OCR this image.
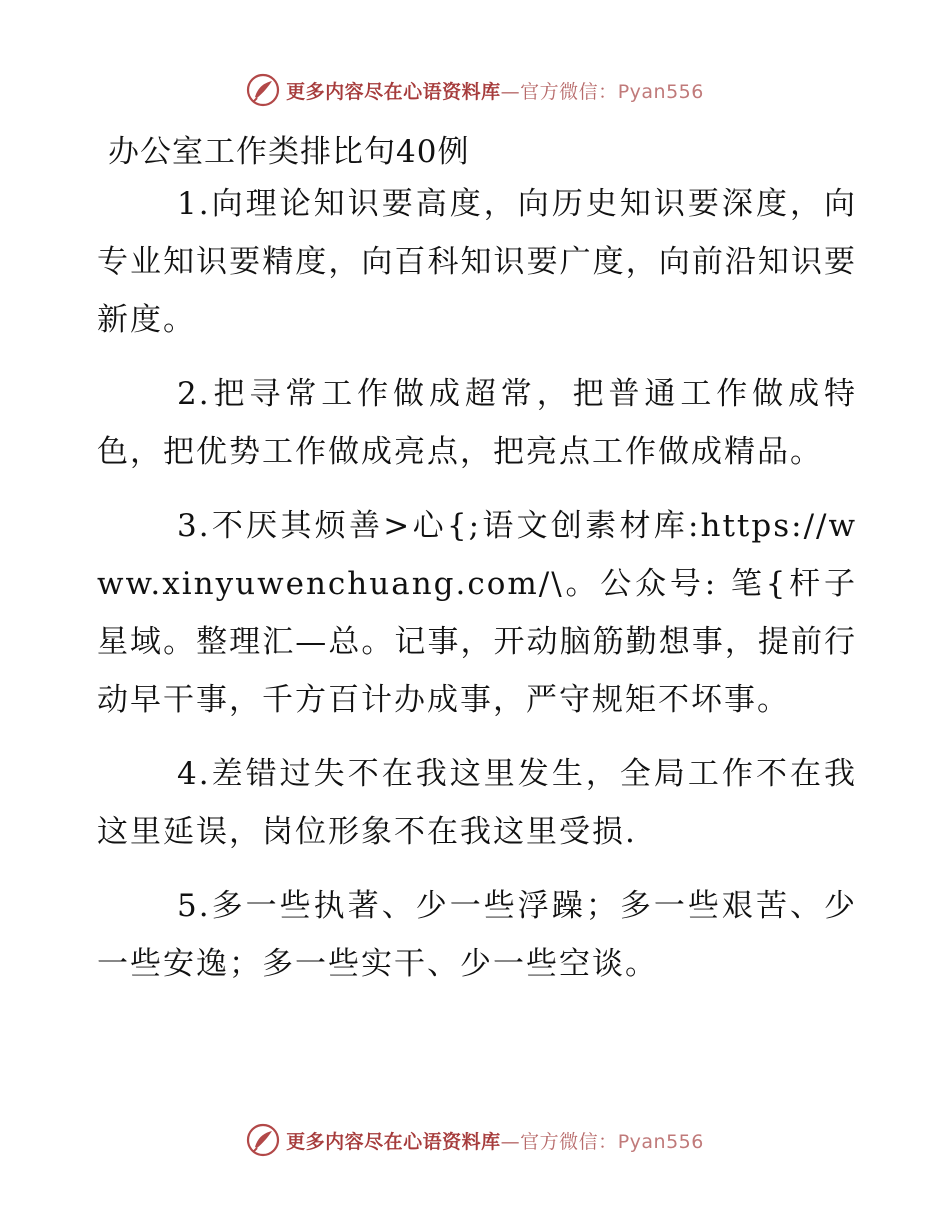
更多内容尽在心语资料库—官方微信：Pyan556
办公室工作类排比句40例

1.向理论知识要高度，向历史知识要深度，向专业知识要精度，向百科知识要广度，向前沿知识要新度。

2.把寻常工作做成超常，把普通工作做成特色，把优势工作做成亮点，把亮点工作做成精品。

3.不厌其烦善>心{;语文创素材库:https://www.xinyuwenchuang.com/\。公众号: 笔{杆子星域。整理汇—总。记事，开动脑筋勤想事，提前行动早干事，千方百计办成事，严守规矩不坏事。

4.差错过失不在我这里发生，全局工作不在我这里延误，岗位形象不在我这里受损.

5.多一些执著、少一些浮躁；多一些艰苦、少一些安逸；多一些实干、少一些空谈。

更多内容尽在心语资料库—官方微信：Pyan556
